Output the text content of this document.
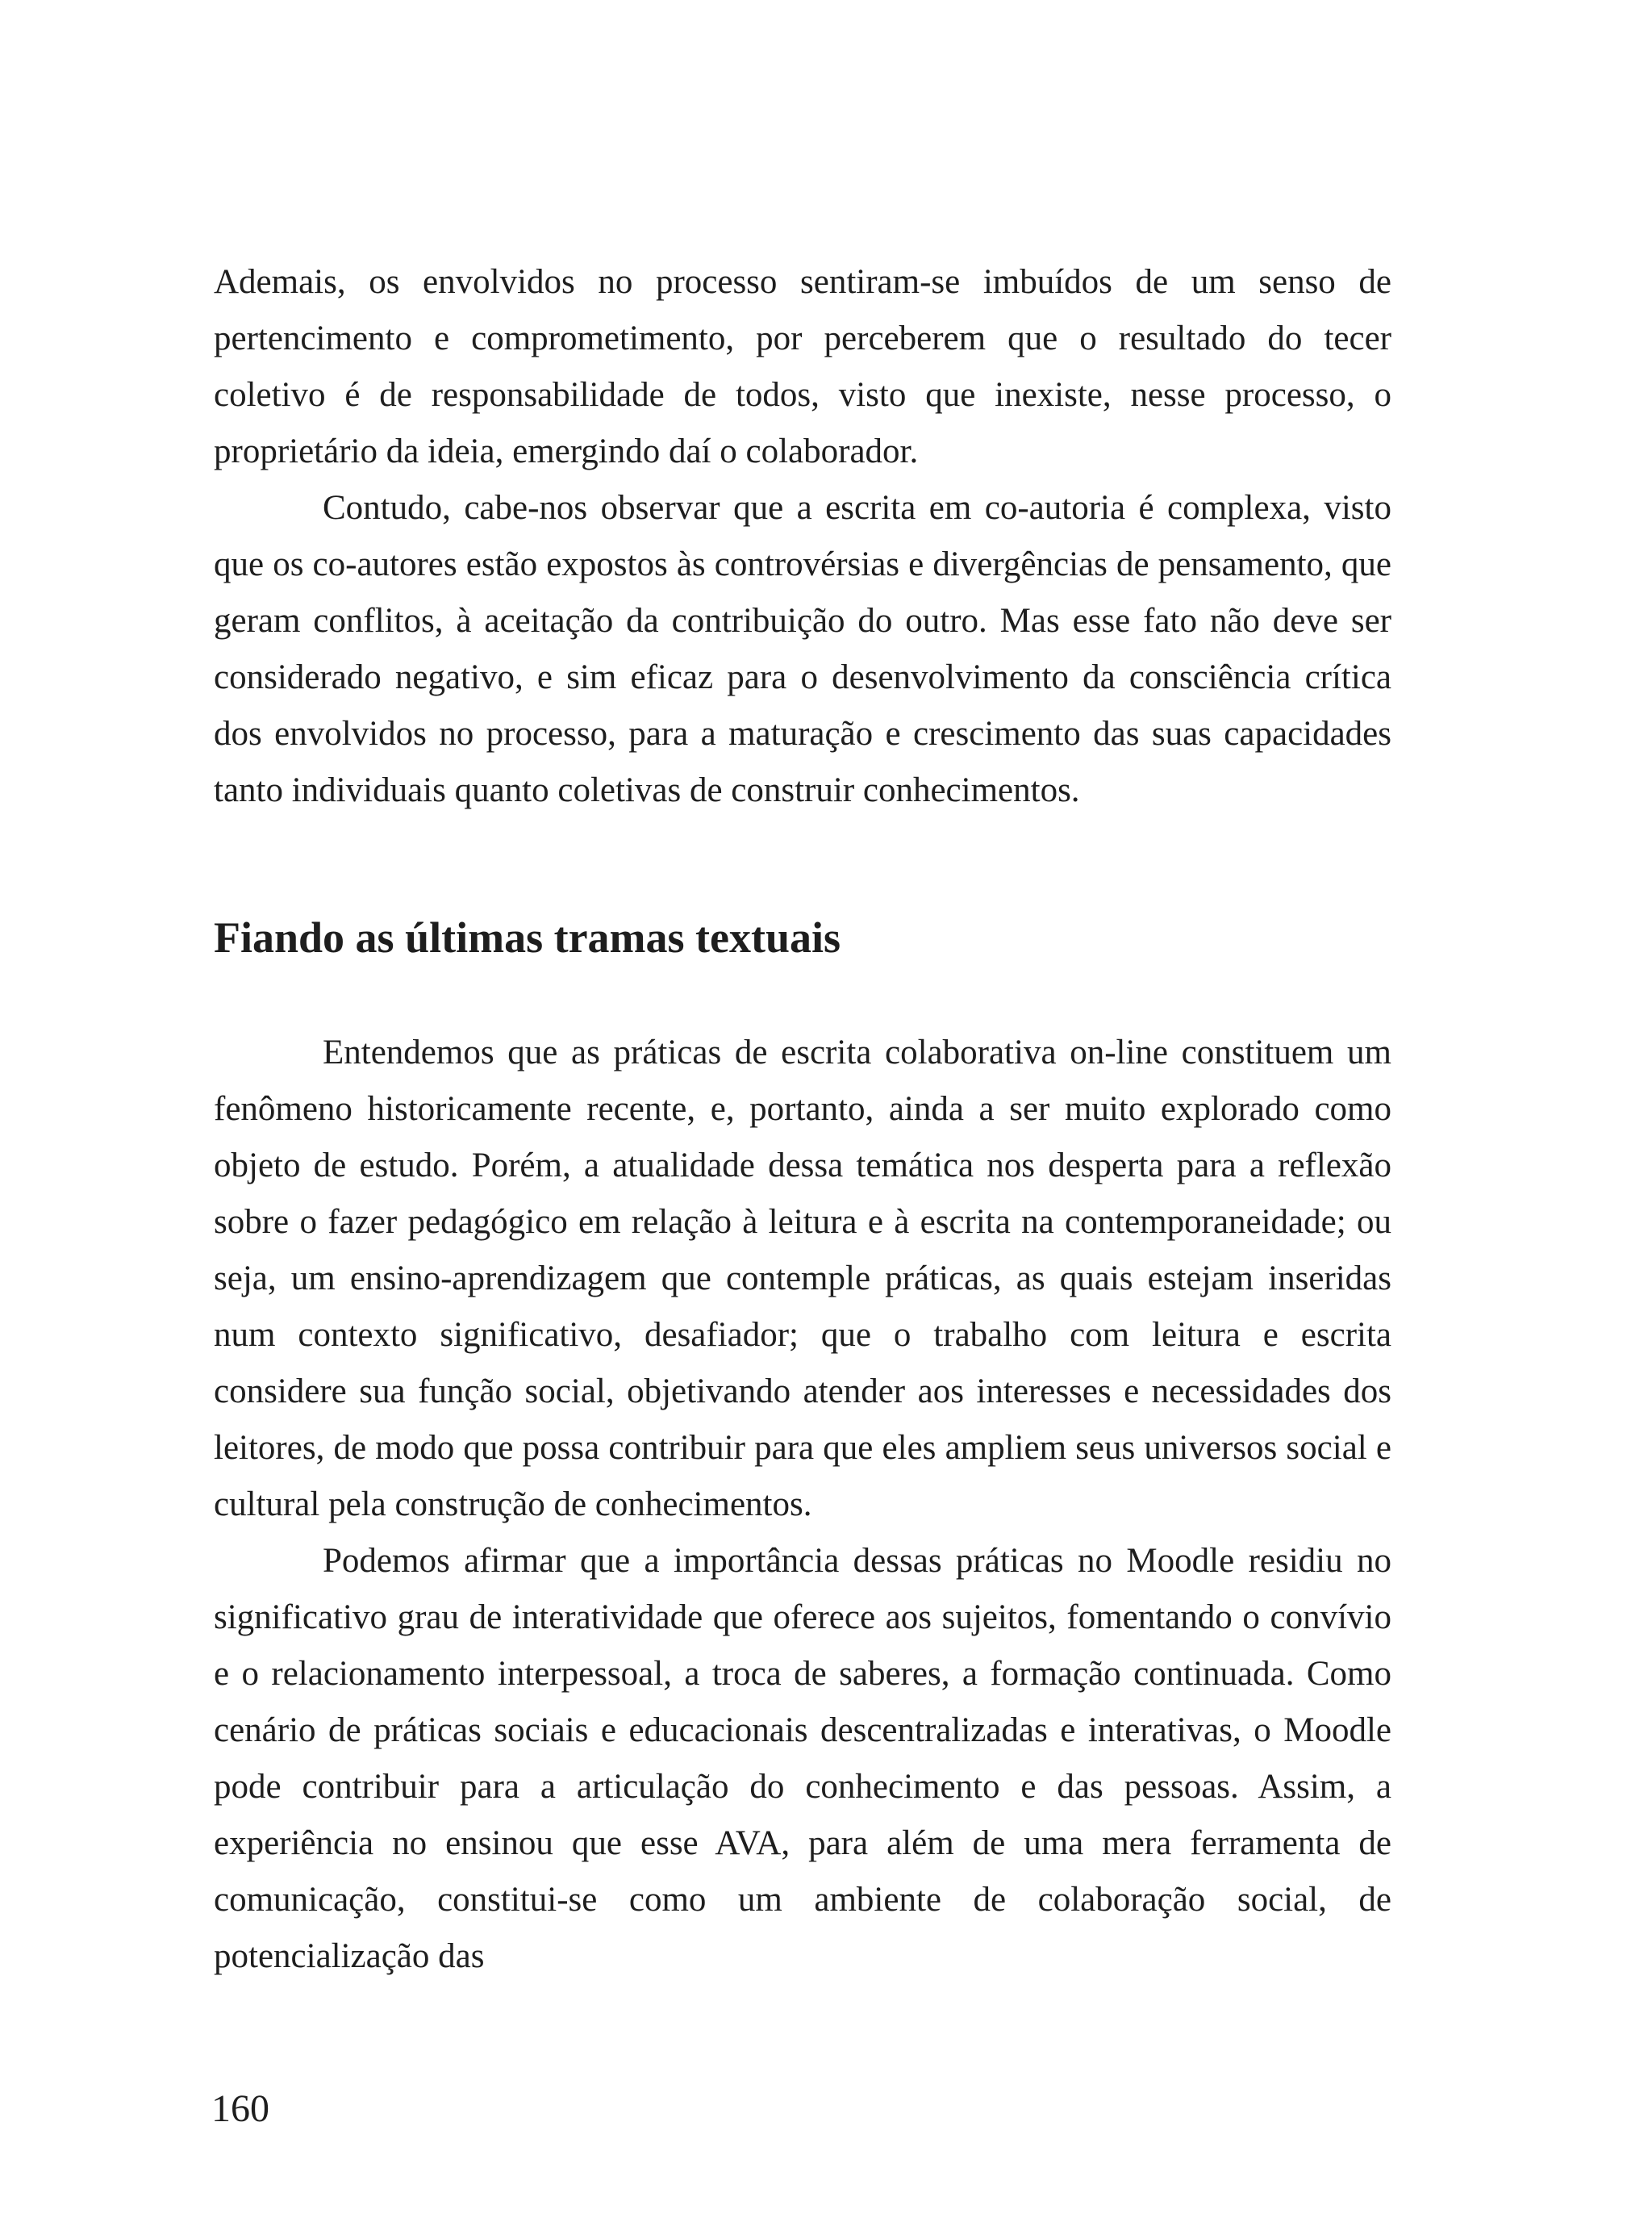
Ademais, os envolvidos no processo sentiram-se imbuídos de um senso de pertencimento e comprometimento, por perceberem que o resultado do tecer coletivo é de responsabilidade de todos, visto que inexiste, nesse processo, o proprietário da ideia, emergindo daí o colaborador.

Contudo, cabe-nos observar que a escrita em co-autoria é complexa, visto que os co-autores estão expostos às controvérsias e divergências de pensamento, que geram conflitos, à aceitação da contribuição do outro. Mas esse fato não deve ser considerado negativo, e sim eficaz para o desenvolvimento da consciência crítica dos envolvidos no processo, para a maturação e crescimento das suas capacidades tanto individuais quanto coletivas de construir conhecimentos.

Fiando as últimas tramas textuais

Entendemos que as práticas de escrita colaborativa on-line constituem um fenômeno historicamente recente, e, portanto, ainda a ser muito explorado como objeto de estudo. Porém, a atualidade dessa temática nos desperta para a reflexão sobre o fazer pedagógico em relação à leitura e à escrita na contemporaneidade; ou seja, um ensino-aprendizagem que contemple práticas, as quais estejam inseridas num contexto significativo, desafiador; que o trabalho com leitura e escrita considere sua função social, objetivando atender aos interesses e necessidades dos leitores, de modo que possa contribuir para que eles ampliem seus universos social e cultural pela construção de conhecimentos.

Podemos afirmar que a importância dessas práticas no Moodle residiu no significativo grau de interatividade que oferece aos sujeitos, fomentando o convívio e o relacionamento interpessoal, a troca de saberes, a formação continuada. Como cenário de práticas sociais e educacionais descentralizadas e interativas, o Moodle pode contribuir para a articulação do conhecimento e das pessoas. Assim, a experiência no ensinou que esse AVA, para além de uma mera ferramenta de comunicação, constitui-se como um ambiente de colaboração social, de potencialização das

160
